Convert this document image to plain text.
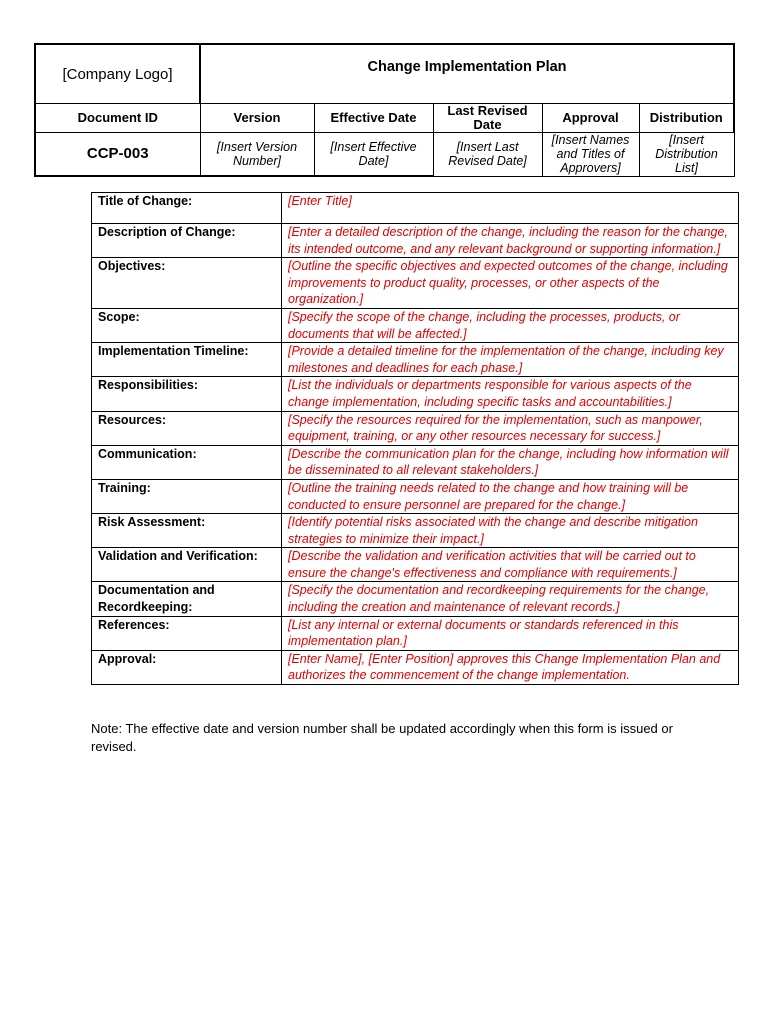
[Company Logo]	Change Implementation Plan				
Document ID	Version	Effective Date	Last Revised Date	Approval	Distribution
CCP-003	[Insert Version Number]	[Insert Effective Date]	[Insert Last Revised Date]	[Insert Names and Titles of Approvers]	[Insert Distribution List]
Title of Change:	[Enter Title]
Description of Change:	[Enter a detailed description of the change, including the reason for the change, its intended outcome, and any relevant background or supporting information.]
Objectives:	[Outline the specific objectives and expected outcomes of the change, including improvements to product quality, processes, or other aspects of the organization.]
Scope:	[Specify the scope of the change, including the processes, products, or documents that will be affected.]
Implementation Timeline:	[Provide a detailed timeline for the implementation of the change, including key milestones and deadlines for each phase.]
Responsibilities:	[List the individuals or departments responsible for various aspects of the change implementation, including specific tasks and accountabilities.]
Resources:	[Specify the resources required for the implementation, such as manpower, equipment, training, or any other resources necessary for success.]
Communication:	[Describe the communication plan for the change, including how information will be disseminated to all relevant stakeholders.]
Training:	[Outline the training needs related to the change and how training will be conducted to ensure personnel are prepared for the change.]
Risk Assessment:	[Identify potential risks associated with the change and describe mitigation strategies to minimize their impact.]
Validation and Verification:	[Describe the validation and verification activities that will be carried out to ensure the change's effectiveness and compliance with requirements.]
Documentation and Recordkeeping:	[Specify the documentation and recordkeeping requirements for the change, including the creation and maintenance of relevant records.]
References:	[List any internal or external documents or standards referenced in this implementation plan.]
Approval:	[Enter Name], [Enter Position] approves this Change Implementation Plan and authorizes the commencement of the change implementation.
Note: The effective date and version number shall be updated accordingly when this form is issued or revised.
